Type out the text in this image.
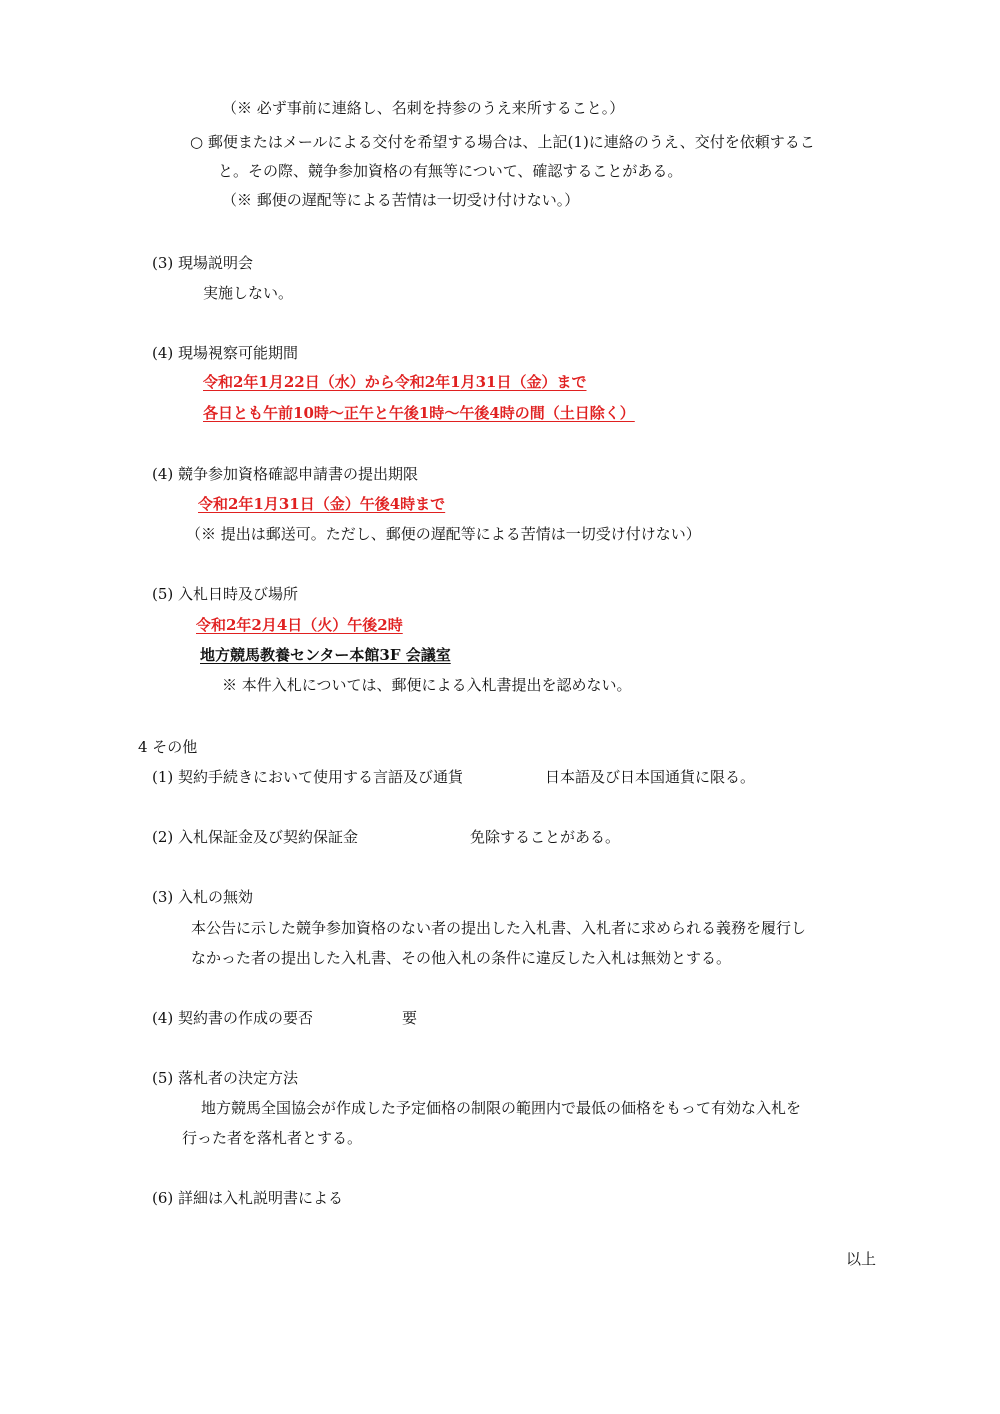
（※ 必ず事前に連絡し、名刺を持参のうえ来所すること。）
○ 郵便またはメールによる交付を希望する場合は、上記(1)に連絡のうえ、交付を依頼するこ
と。その際、競争参加資格の有無等について、確認することがある。
（※ 郵便の遅配等による苦情は一切受け付けない。）
(3) 現場説明会
実施しない。
(4) 現場視察可能期間
令和2年1月22日（水）から令和2年1月31日（金）まで
各日とも午前10時～正午と午後1時～午後4時の間（土日除く）
(4) 競争参加資格確認申請書の提出期限
令和2年1月31日（金）午後4時まで
（※ 提出は郵送可。ただし、郵便の遅配等による苦情は一切受け付けない）
(5) 入札日時及び場所
令和2年2月4日（火）午後2時
地方競馬教養センター本館3F 会議室
※ 本件入札については、郵便による入札書提出を認めない。
4 その他
(1) 契約手続きにおいて使用する言語及び通貨	日本語及び日本国通貨に限る。
(2) 入札保証金及び契約保証金	免除することがある。
(3) 入札の無効
本公告に示した競争参加資格のない者の提出した入札書、入札者に求められる義務を履行し
なかった者の提出した入札書、その他入札の条件に違反した入札は無効とする。
(4) 契約書の作成の要否	要
(5) 落札者の決定方法
地方競馬全国協会が作成した予定価格の制限の範囲内で最低の価格をもって有効な入札を
行った者を落札者とする。
(6) 詳細は入札説明書による
以上
